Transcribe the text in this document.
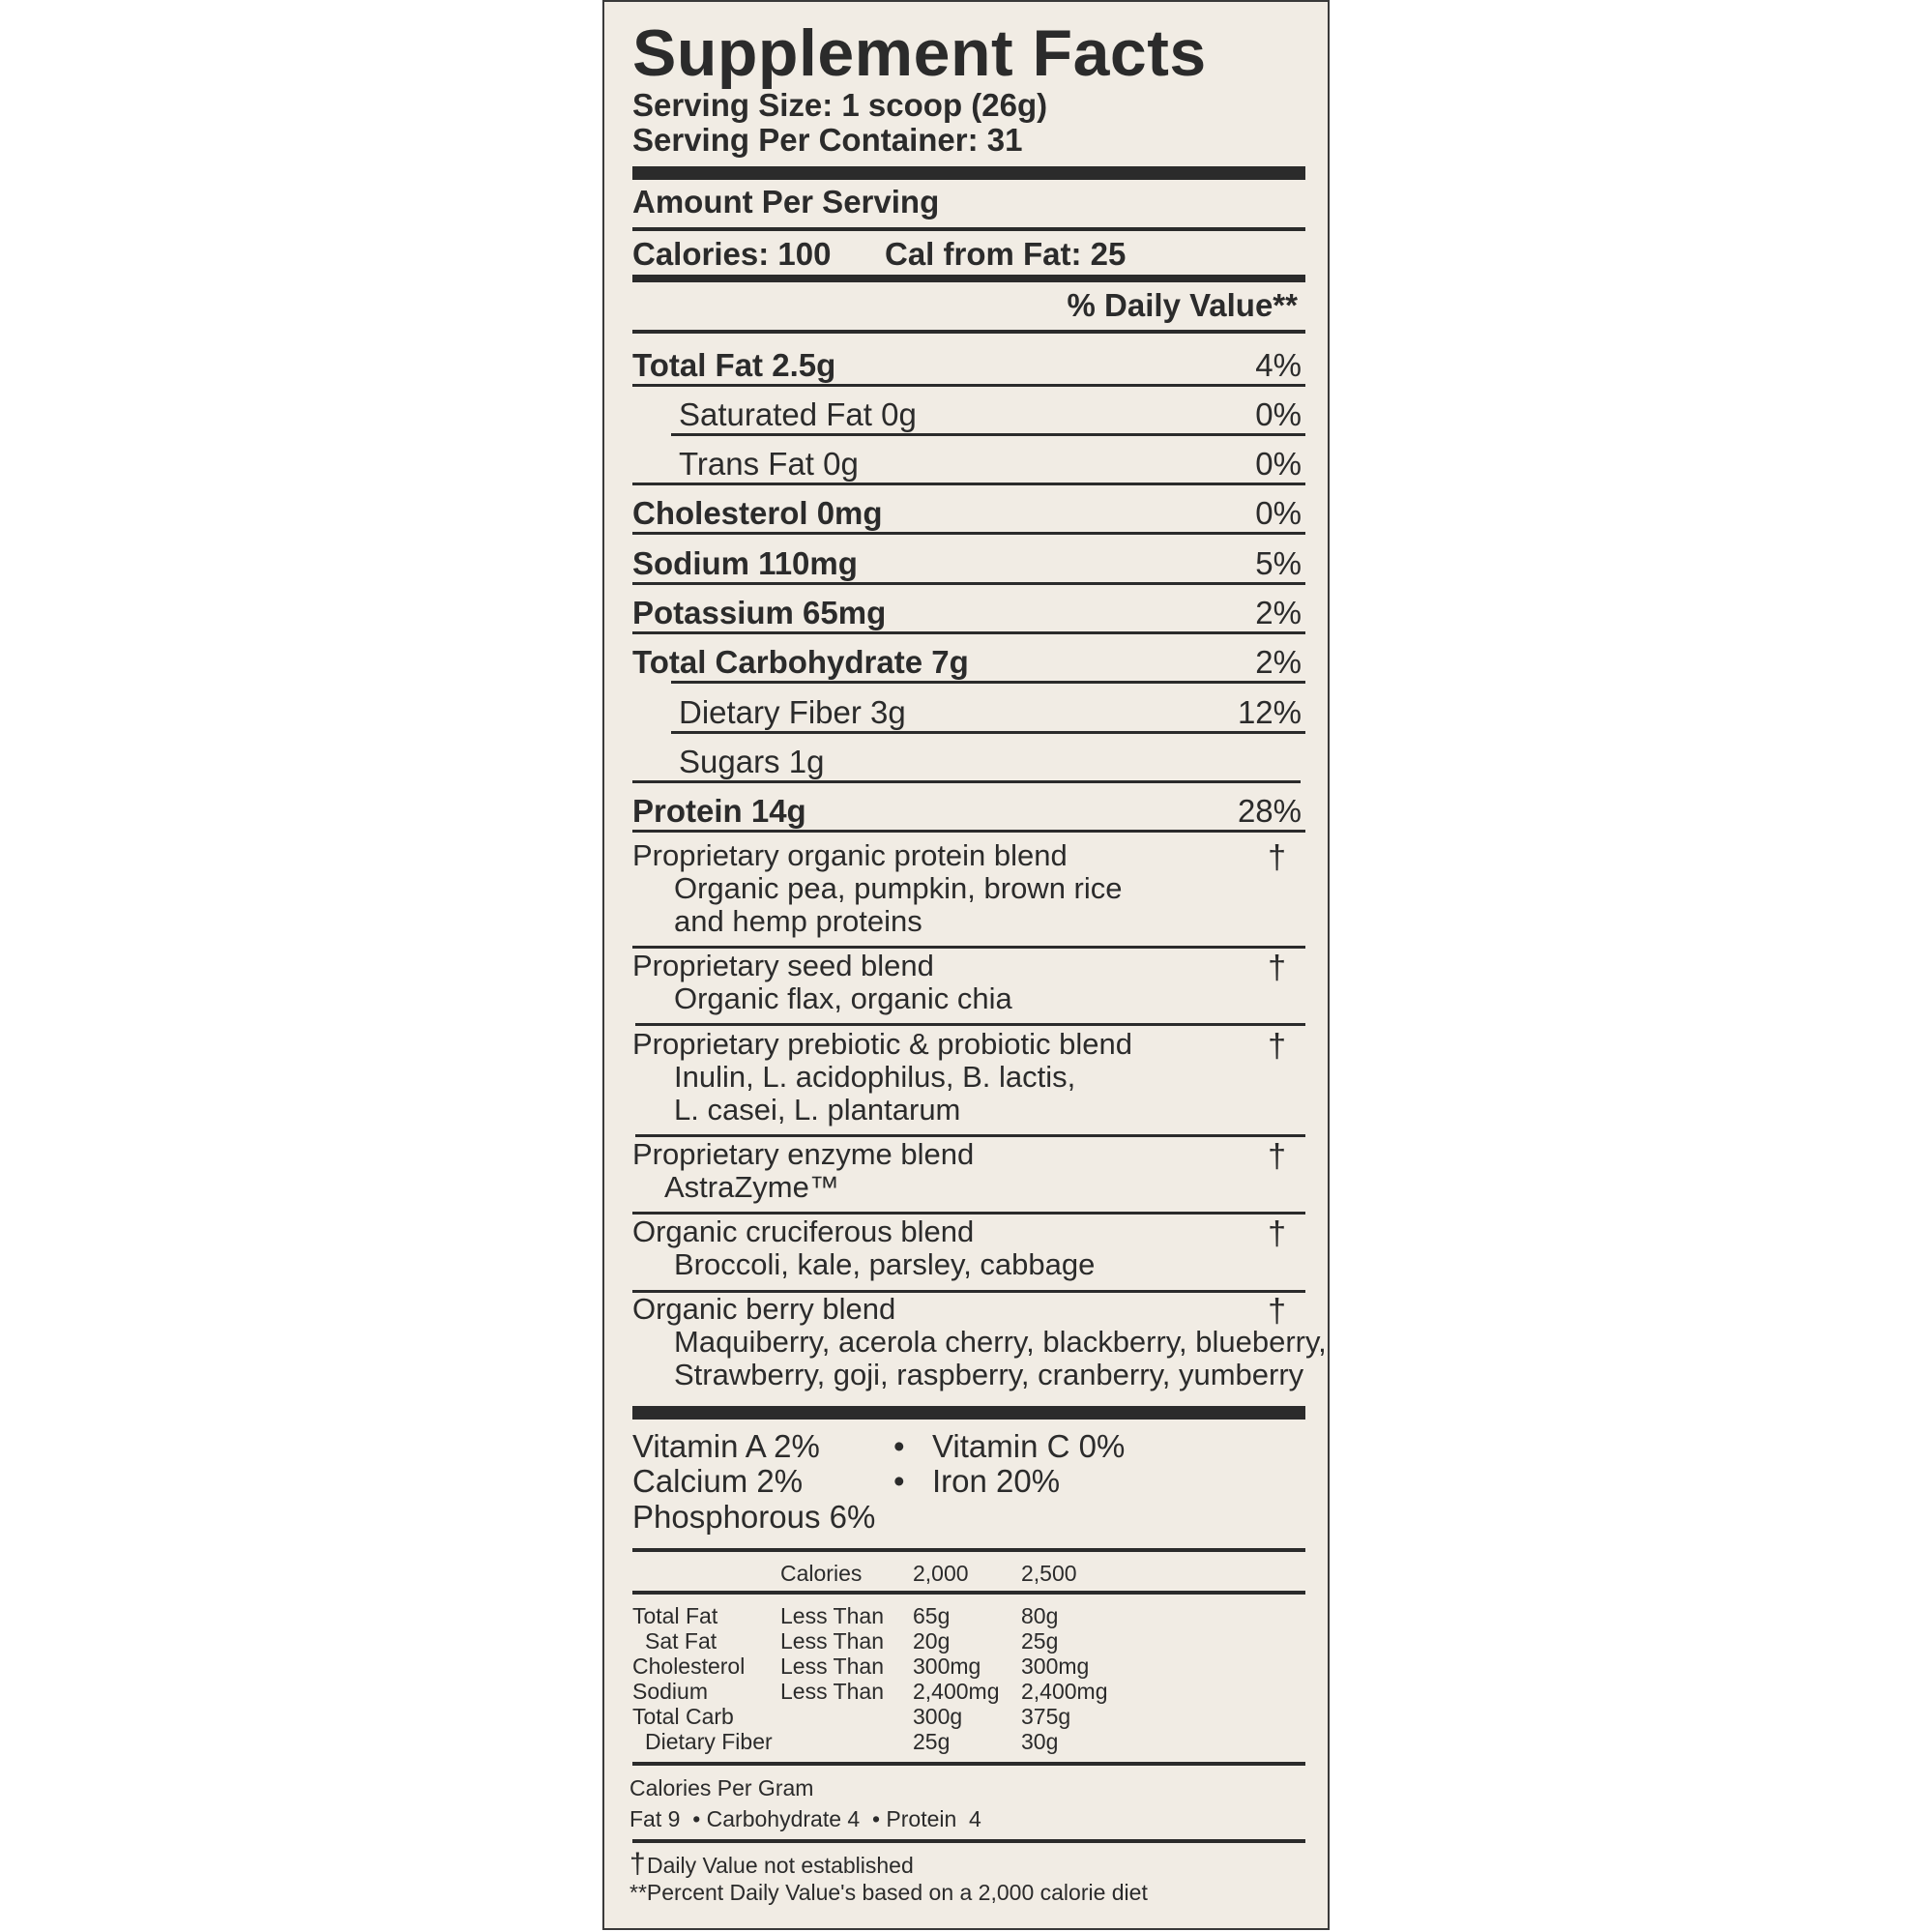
Supplement Facts
Serving Size: 1 scoop (26g)
Serving Per Container: 31
Amount Per Serving
Calories: 100 Cal from Fat: 25
% Daily Value**
Total Fat 2.5g	4%
Saturated Fat 0g	0%
Trans Fat 0g	0%
Cholesterol 0mg	0%
Sodium 110mg	5%
Potassium 65mg	2%
Total Carbohydrate 7g	2%
Dietary Fiber 3g	12%
Sugars 1g
Protein 14g	28%
Proprietary organic protein blend
Organic pea, pumpkin, brown rice
and hemp proteins
†
Proprietary seed blend
Organic flax, organic chia
†
Proprietary prebiotic & probiotic blend
Inulin, L. acidophilus, B. lactis,
L. casei, L. plantarum
†
Proprietary enzyme blend
AstraZyme™
†
Organic cruciferous blend
Broccoli, kale, parsley, cabbage
†
Organic berry blend
Maquiberry, acerola cherry, blackberry, blueberry,
Strawberry, goji, raspberry, cranberry, yumberry
†
Vitamin A 2% • Vitamin C 0%
Calcium 2%	• Iron 20%
Phosphorous 6%
Calories 2,000 2,500
Total Fat	Less Than 65g	80g
Sat Fat	Less Than 20g	25g
Cholesterol Less Than 300mg 300mg
Sodium	Less Than 2,400mg 2,400mg
Total Carb	300g	375g
Dietary Fiber	25g	30g
Calories Per Gram
Fat 9  • Carbohydrate 4  • Protein  4
† Daily Value not established
**Percent Daily Value's based on a 2,000 calorie diet
